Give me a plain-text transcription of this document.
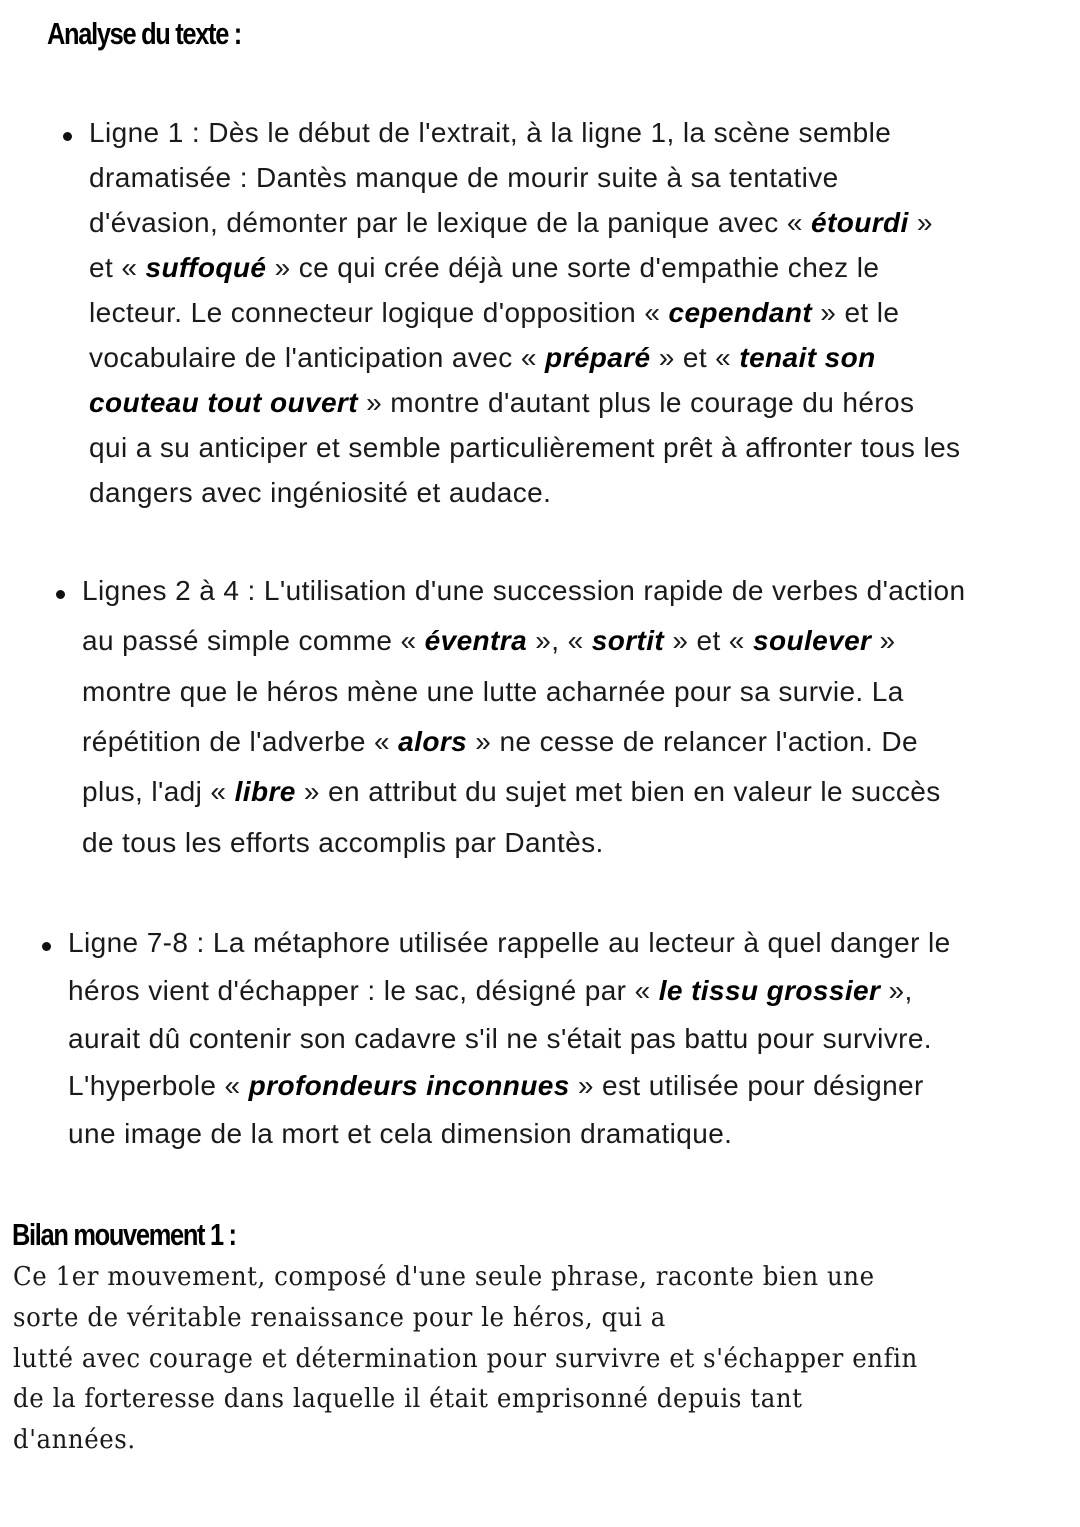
Analyse du texte :
Ligne 1 : Dès le début de l'extrait, à la ligne 1, la scène semble
dramatisée : Dantès manque de mourir suite à sa tentative
d'évasion, démonter par le lexique de la panique avec « étourdi »
et « suffoqué » ce qui crée déjà une sorte d'empathie chez le
lecteur. Le connecteur logique d'opposition « cependant » et le
vocabulaire de l'anticipation avec « préparé » et « tenait son
couteau tout ouvert » montre d'autant plus le courage du héros
qui a su anticiper et semble particulièrement prêt à affronter tous les
dangers avec ingéniosité et audace.
Lignes 2 à 4 : L'utilisation d'une succession rapide de verbes d'action
au passé simple comme « éventra », « sortit » et « soulever »
montre que le héros mène une lutte acharnée pour sa survie. La
répétition de l'adverbe « alors » ne cesse de relancer l'action. De
plus, l'adj « libre » en attribut du sujet met bien en valeur le succès
de tous les efforts accomplis par Dantès.
Ligne 7-8 : La métaphore utilisée rappelle au lecteur à quel danger le
héros vient d'échapper : le sac, désigné par « le tissu grossier »,
aurait dû contenir son cadavre s'il ne s'était pas battu pour survivre.
L'hyperbole « profondeurs inconnues » est utilisée pour désigner
une image de la mort et cela dimension dramatique.
Bilan mouvement 1 :
Ce 1er mouvement, composé d'une seule phrase, raconte bien une
sorte de véritable renaissance pour le héros, qui a
lutté avec courage et détermination pour survivre et s'échapper enfin
de la forteresse dans laquelle il était emprisonné depuis tant
d'années.
